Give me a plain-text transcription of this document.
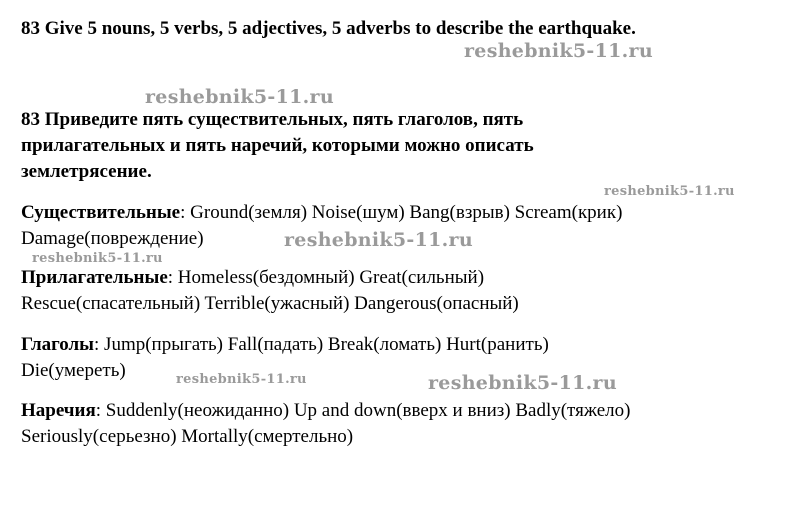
83 Give 5 nouns, 5 verbs, 5 adjectives, 5 adverbs to describe the earthquake.
reshebnik5-11.ru
reshebnik5-11.ru
83 Приведите пять существительных, пять глаголов, пять
прилагательных и пять наречий, которыми можно описать
землетрясение.
reshebnik5-11.ru
Существительные: Ground(земля) Noise(шум) Bang(взрыв) Scream(крик)
Damage(повреждение)	reshebnik5-11.ru
reshebnik5-11.ru
Прилагательные: Homeless(бездомный) Great(сильный)
Rescue(спасательный) Terrible(ужасный) Dangerous(опасный)
Глаголы: Jump(прыгать) Fall(падать) Break(ломать) Hurt(ранить)
Die(умереть)	reshebnik5-11.ru	reshebnik5-11.ru
Наречия: Suddenly(неожиданно) Up and down(вверх и вниз) Badly(тяжело)
Seriously(серьезно) Mortally(смертельно)
